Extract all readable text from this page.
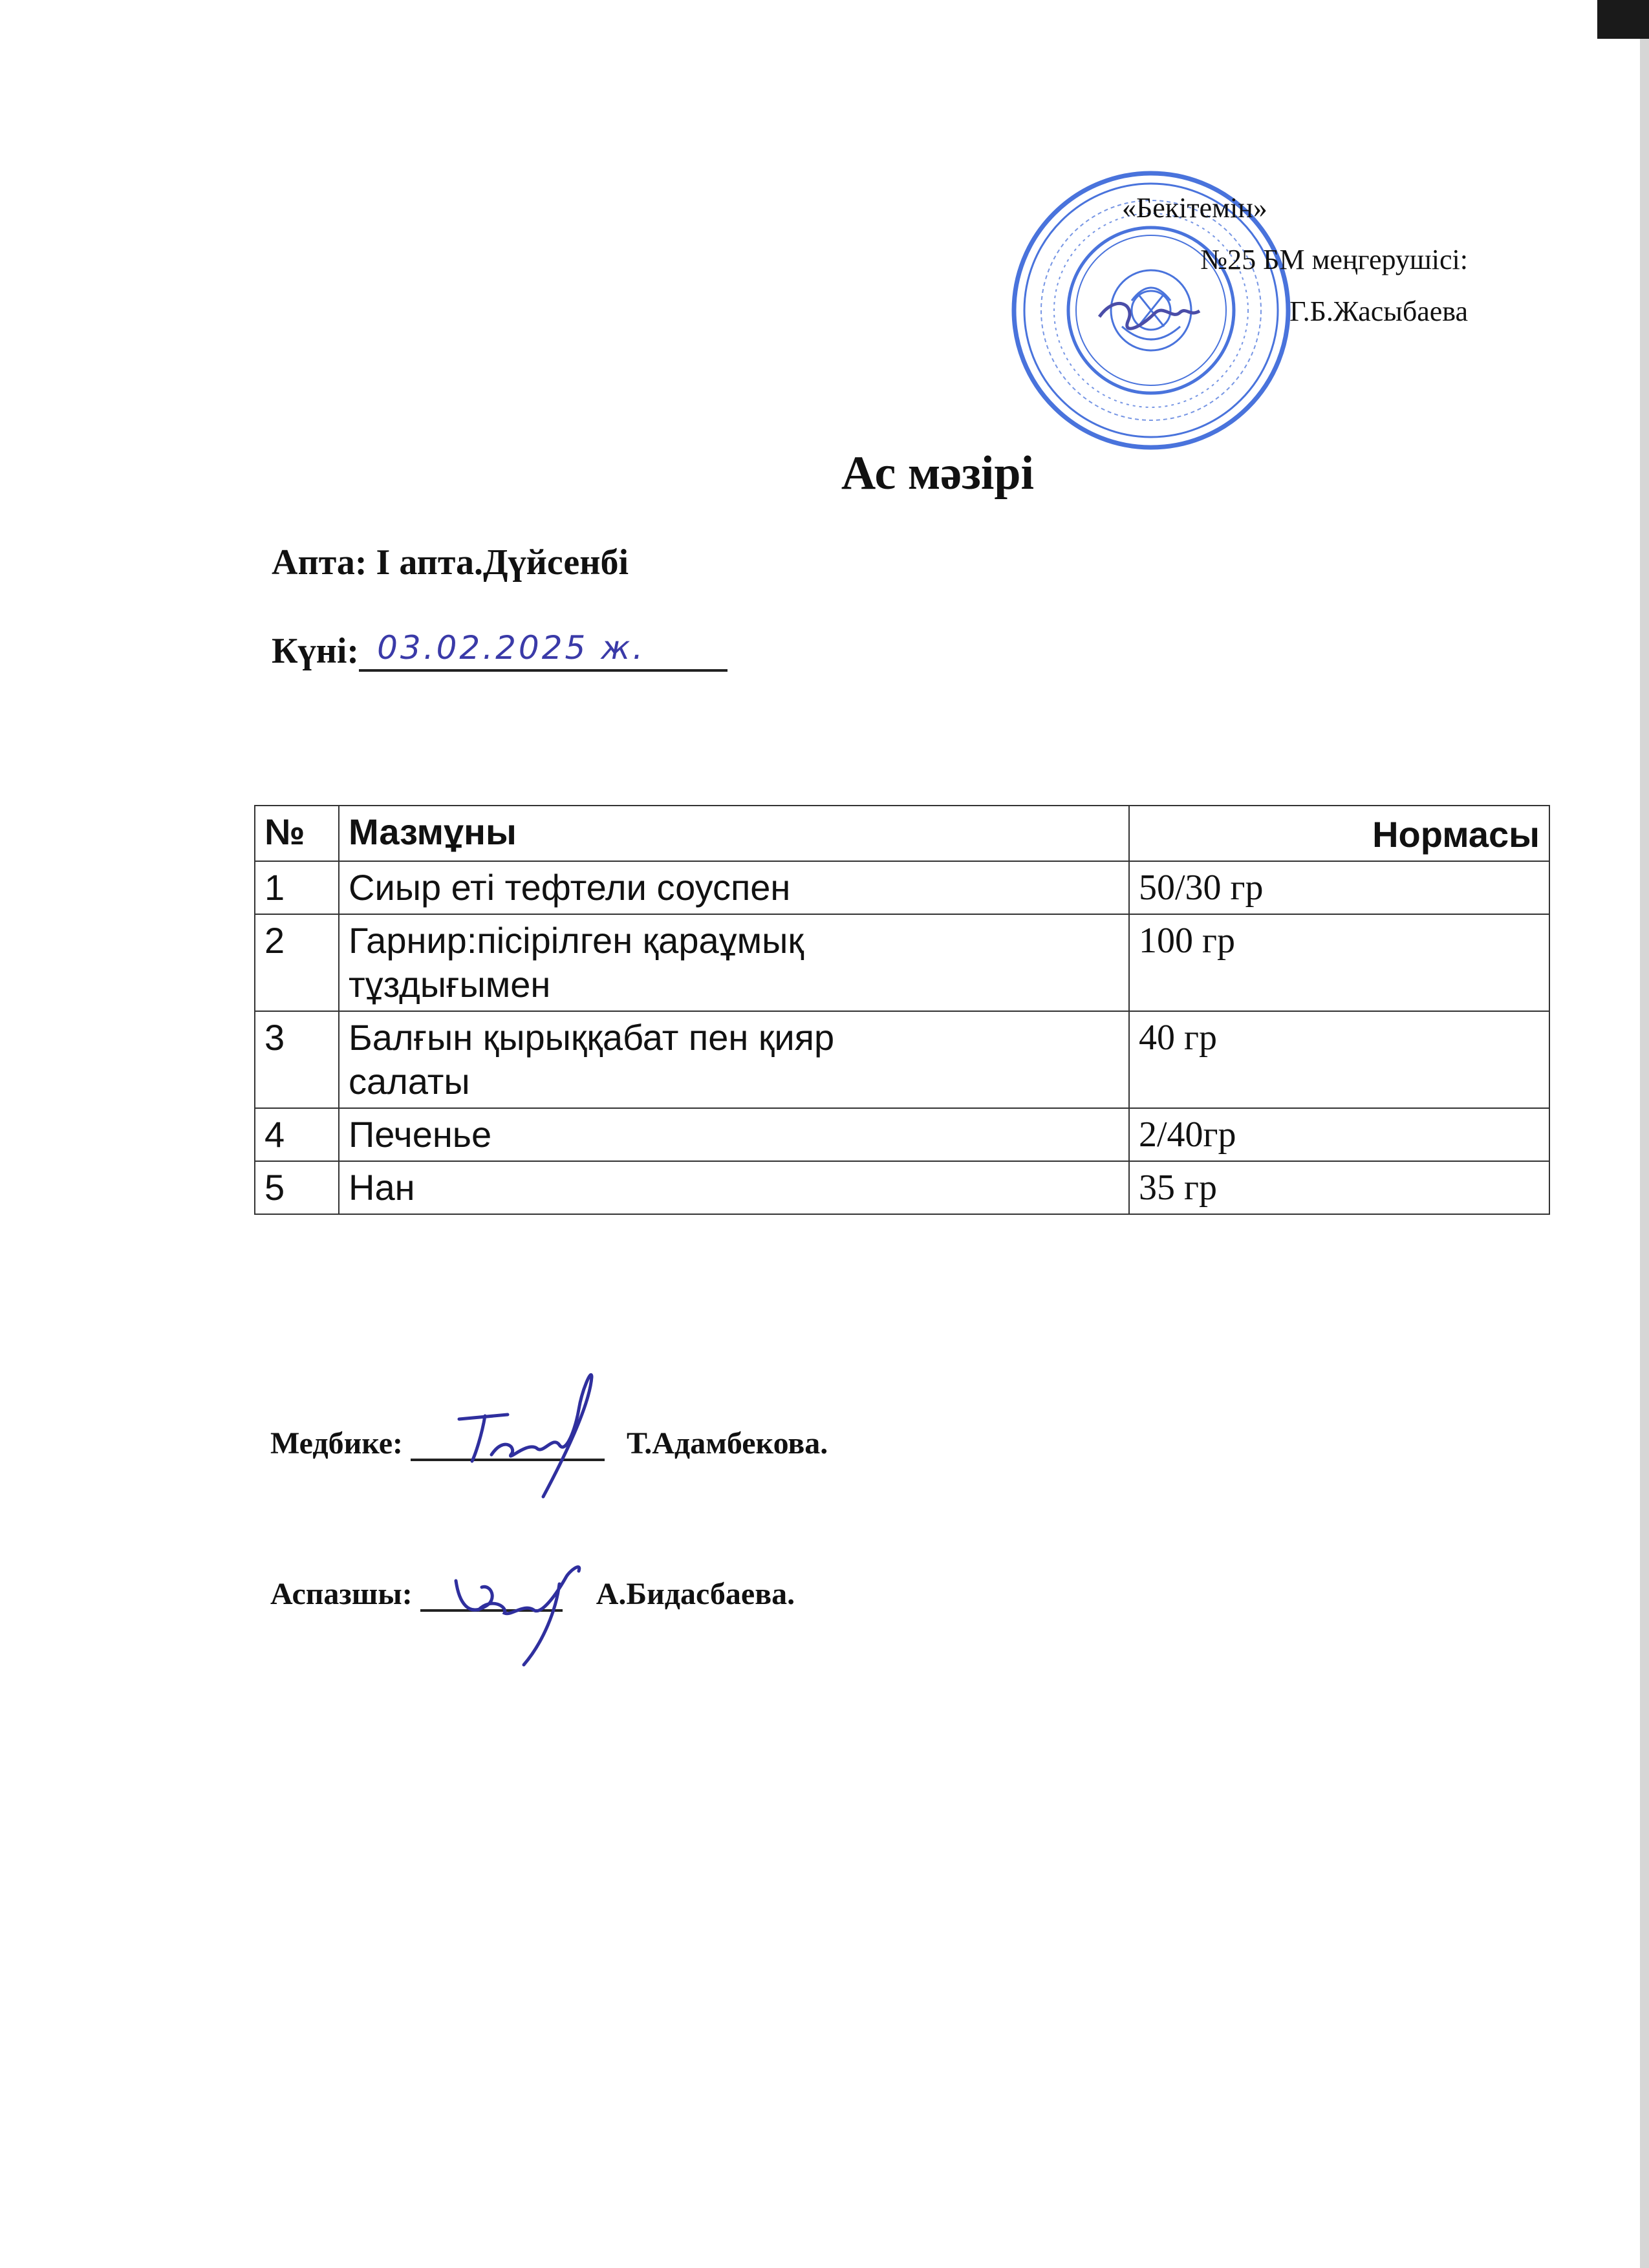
«Бекітемін»
№25 БМ меңгерушісі:
Г.Б.Жасыбаева
Ас мәзірі
Апта: І апта.Дүйсенбі
Күні: 03.02.2025 ж.
№	Мазмұны	Нормасы
1	Сиыр еті тефтели соуспен	50/30 гр
2	Гарнир:пісірілген қараұмық тұздығымен	100 гр
3	Балғын қырыққабат пен қияр салаты	40 гр
4	Печенье	2/40гр
5	Нан	35 гр
Медбике:	Т.Адамбекова.
Аспазшы:	А.Бидасбаева.
